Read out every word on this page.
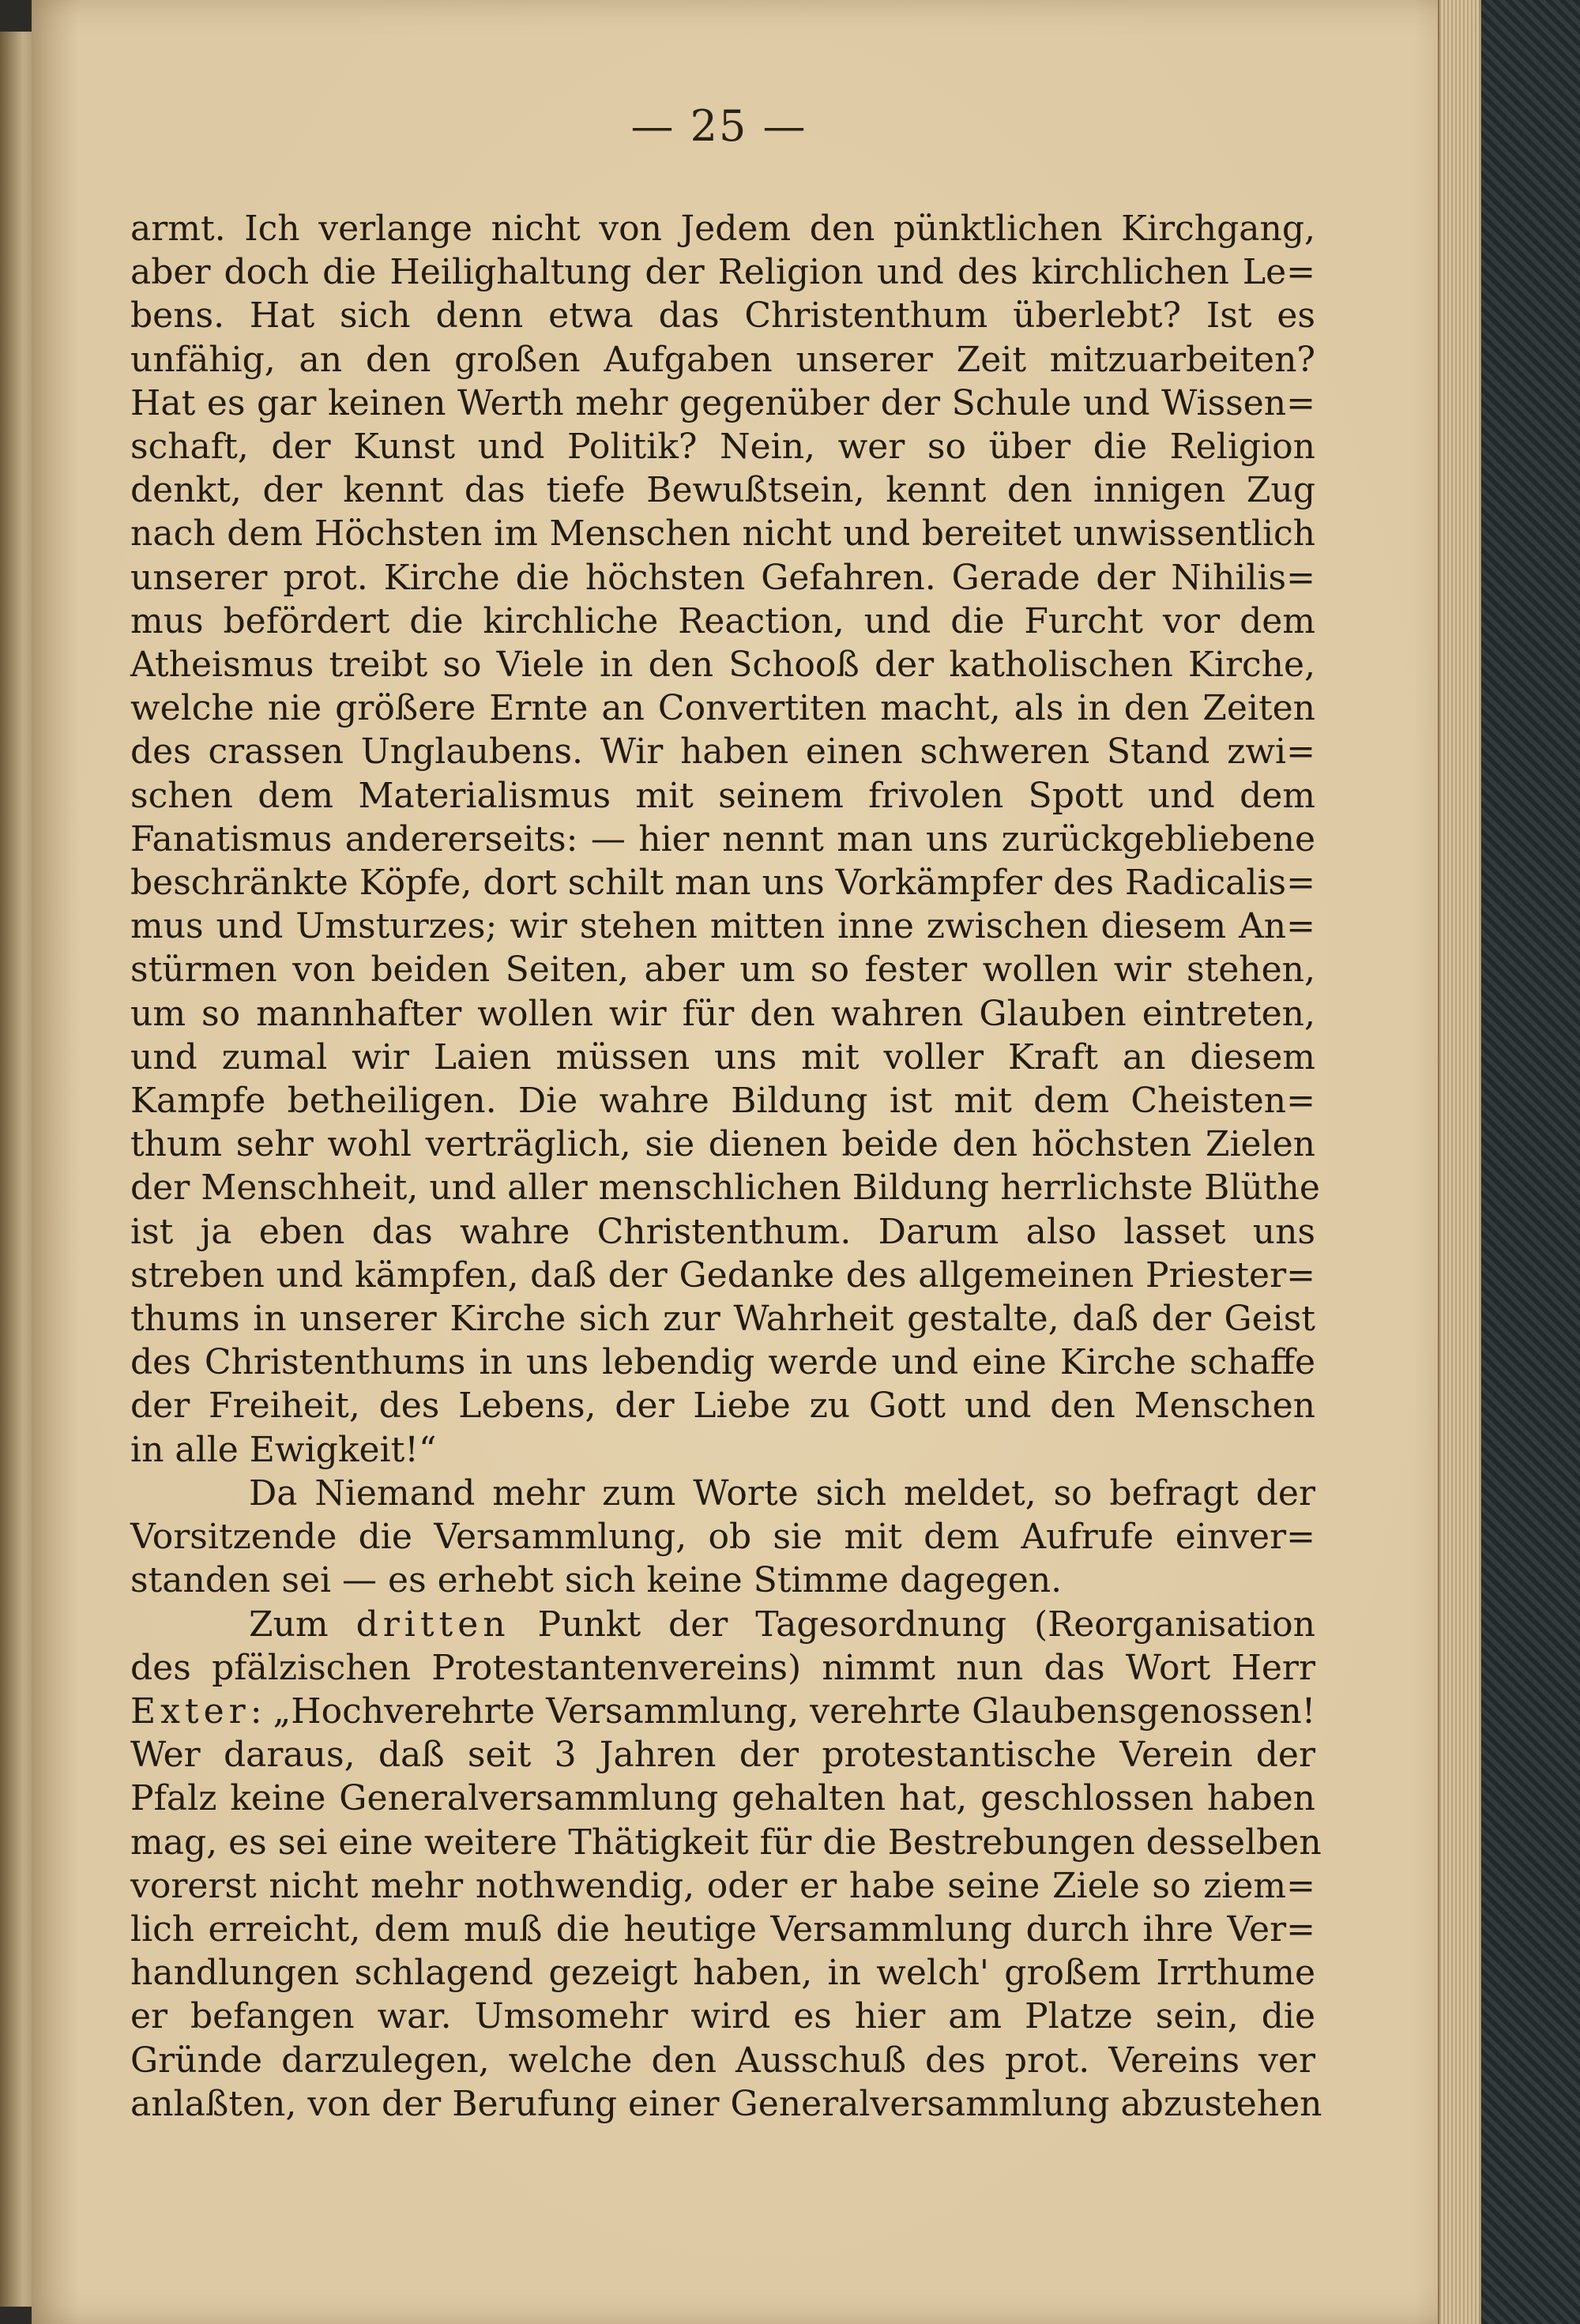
— 25 —
armt. Ich verlange nicht von Jedem den pünktlichen Kirchgang,
aber doch die Heilighaltung der Religion und des kirchlichen Le=
bens. Hat sich denn etwa das Christenthum überlebt? Ist es
unfähig, an den großen Aufgaben unserer Zeit mitzuarbeiten?
Hat es gar keinen Werth mehr gegenüber der Schule und Wissen=
schaft, der Kunst und Politik? Nein, wer so über die Religion
denkt, der kennt das tiefe Bewußtsein, kennt den innigen Zug
nach dem Höchsten im Menschen nicht und bereitet unwissentlich
unserer prot. Kirche die höchsten Gefahren. Gerade der Nihilis=
mus befördert die kirchliche Reaction, und die Furcht vor dem
Atheismus treibt so Viele in den Schooß der katholischen Kirche,
welche nie größere Ernte an Convertiten macht, als in den Zeiten
des crassen Unglaubens. Wir haben einen schweren Stand zwi=
schen dem Materialismus mit seinem frivolen Spott und dem
Fanatismus andererseits: — hier nennt man uns zurückgebliebene
beschränkte Köpfe, dort schilt man uns Vorkämpfer des Radicalis=
mus und Umsturzes; wir stehen mitten inne zwischen diesem An=
stürmen von beiden Seiten, aber um so fester wollen wir stehen,
um so mannhafter wollen wir für den wahren Glauben eintreten,
und zumal wir Laien müssen uns mit voller Kraft an diesem
Kampfe betheiligen. Die wahre Bildung ist mit dem Cheisten=
thum sehr wohl verträglich, sie dienen beide den höchsten Zielen
der Menschheit, und aller menschlichen Bildung herrlichste Blüthe
ist ja eben das wahre Christenthum. Darum also lasset uns
streben und kämpfen, daß der Gedanke des allgemeinen Priester=
thums in unserer Kirche sich zur Wahrheit gestalte, daß der Geist
des Christenthums in uns lebendig werde und eine Kirche schaffe
der Freiheit, des Lebens, der Liebe zu Gott und den Menschen
in alle Ewigkeit!“
Da Niemand mehr zum Worte sich meldet, so befragt der
Vorsitzende die Versammlung, ob sie mit dem Aufrufe einver=
standen sei — es erhebt sich keine Stimme dagegen.
Zum dritten Punkt der Tagesordnung (Reorganisation
des pfälzischen Protestantenvereins) nimmt nun das Wort Herr
Exter: „Hochverehrte Versammlung, verehrte Glaubensgenossen!
Wer daraus, daß seit 3 Jahren der protestantische Verein der
Pfalz keine Generalversammlung gehalten hat, geschlossen haben
mag, es sei eine weitere Thätigkeit für die Bestrebungen desselben
vorerst nicht mehr nothwendig, oder er habe seine Ziele so ziem=
lich erreicht, dem muß die heutige Versammlung durch ihre Ver=
handlungen schlagend gezeigt haben, in welch' großem Irrthume
er befangen war. Umsomehr wird es hier am Platze sein, die
Gründe darzulegen, welche den Ausschuß des prot. Vereins ver
anlaßten, von der Berufung einer Generalversammlung abzustehen
